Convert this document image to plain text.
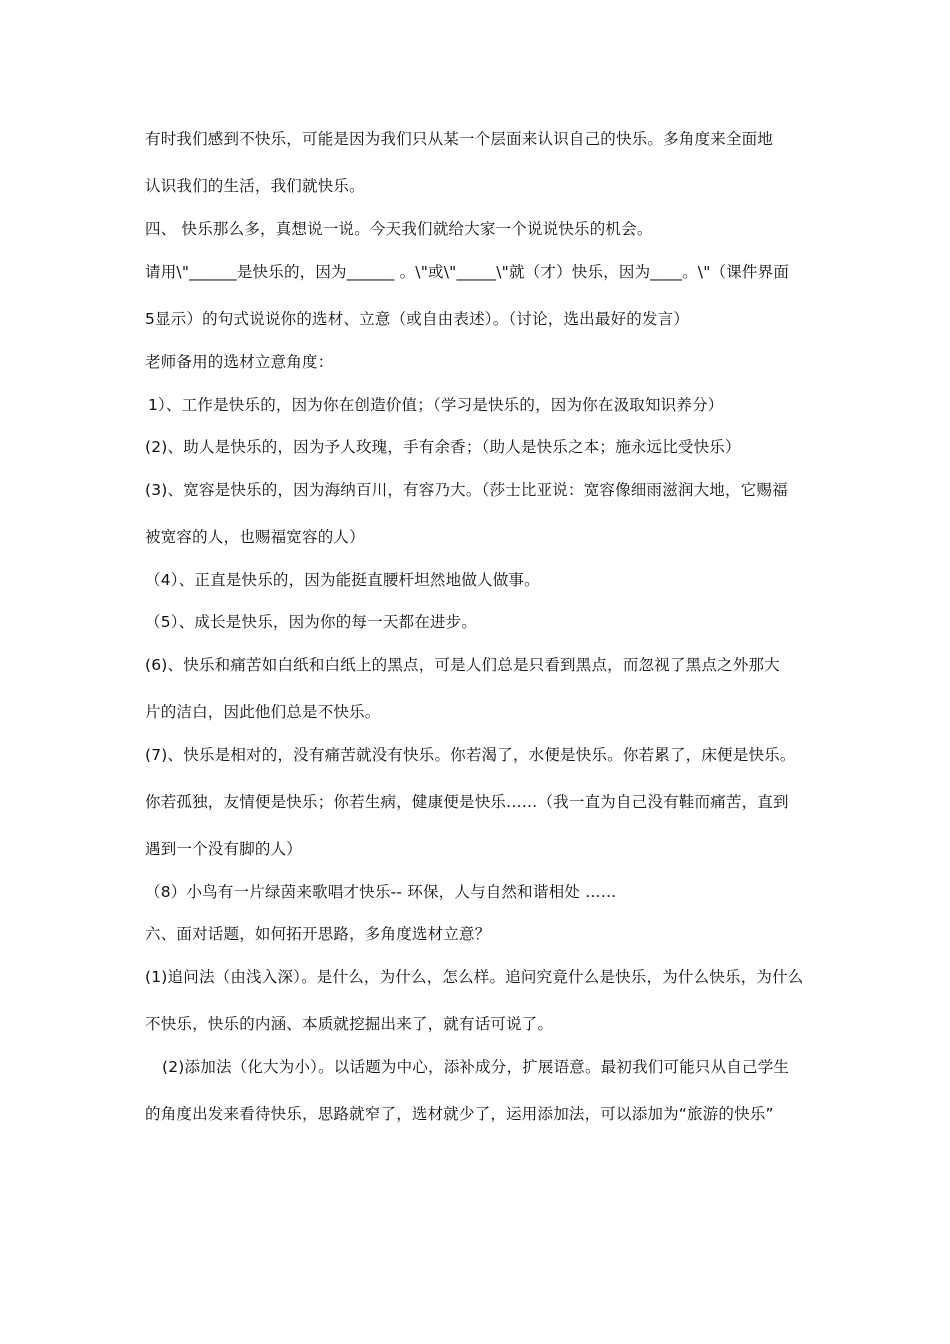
有时我们感到不快乐，可能是因为我们只从某一个层面来认识自己的快乐。多角度来全面地
认识我们的生活，我们就快乐。
四、 快乐那么多，真想说一说。今天我们就给大家一个说说快乐的机会。
请用\"______是快乐的，因为______ 。\"或\"_____\"就（才）快乐，因为____。\"（课件界面
5显示）的句式说说你的选材、立意（或自由表述）。（讨论，选出最好的发言）
老师备用的选材立意角度：
1）、工作是快乐的，因为你在创造价值；（学习是快乐的，因为你在汲取知识养分）
(2)、助人是快乐的，因为予人玫瑰，手有余香；（助人是快乐之本；施永远比受快乐）
(3)、宽容是快乐的，因为海纳百川，有容乃大。（莎士比亚说：宽容像细雨滋润大地，它赐福
被宽容的人，也赐福宽容的人）
（4）、正直是快乐的，因为能挺直腰杆坦然地做人做事。
（5）、成长是快乐，因为你的每一天都在进步。
(6)、快乐和痛苦如白纸和白纸上的黑点，可是人们总是只看到黑点，而忽视了黑点之外那大
片的洁白，因此他们总是不快乐。
(7)、快乐是相对的，没有痛苦就没有快乐。你若渴了，水便是快乐。你若累了，床便是快乐。
你若孤独，友情便是快乐；你若生病，健康便是快乐……（我一直为自己没有鞋而痛苦，直到
遇到一个没有脚的人）
（8）小鸟有一片绿茵来歌唱才快乐-- 环保，人与自然和谐相处 ……
六、面对话题，如何拓开思路，多角度选材立意？
(1)追问法（由浅入深）。是什么，为什么，怎么样。追问究竟什么是快乐，为什么快乐，为什么
不快乐，快乐的内涵、本质就挖掘出来了，就有话可说了。
(2)添加法（化大为小）。以话题为中心，添补成分，扩展语意。最初我们可能只从自己学生
的角度出发来看待快乐，思路就窄了，选材就少了，运用添加法，可以添加为“旅游的快乐”
